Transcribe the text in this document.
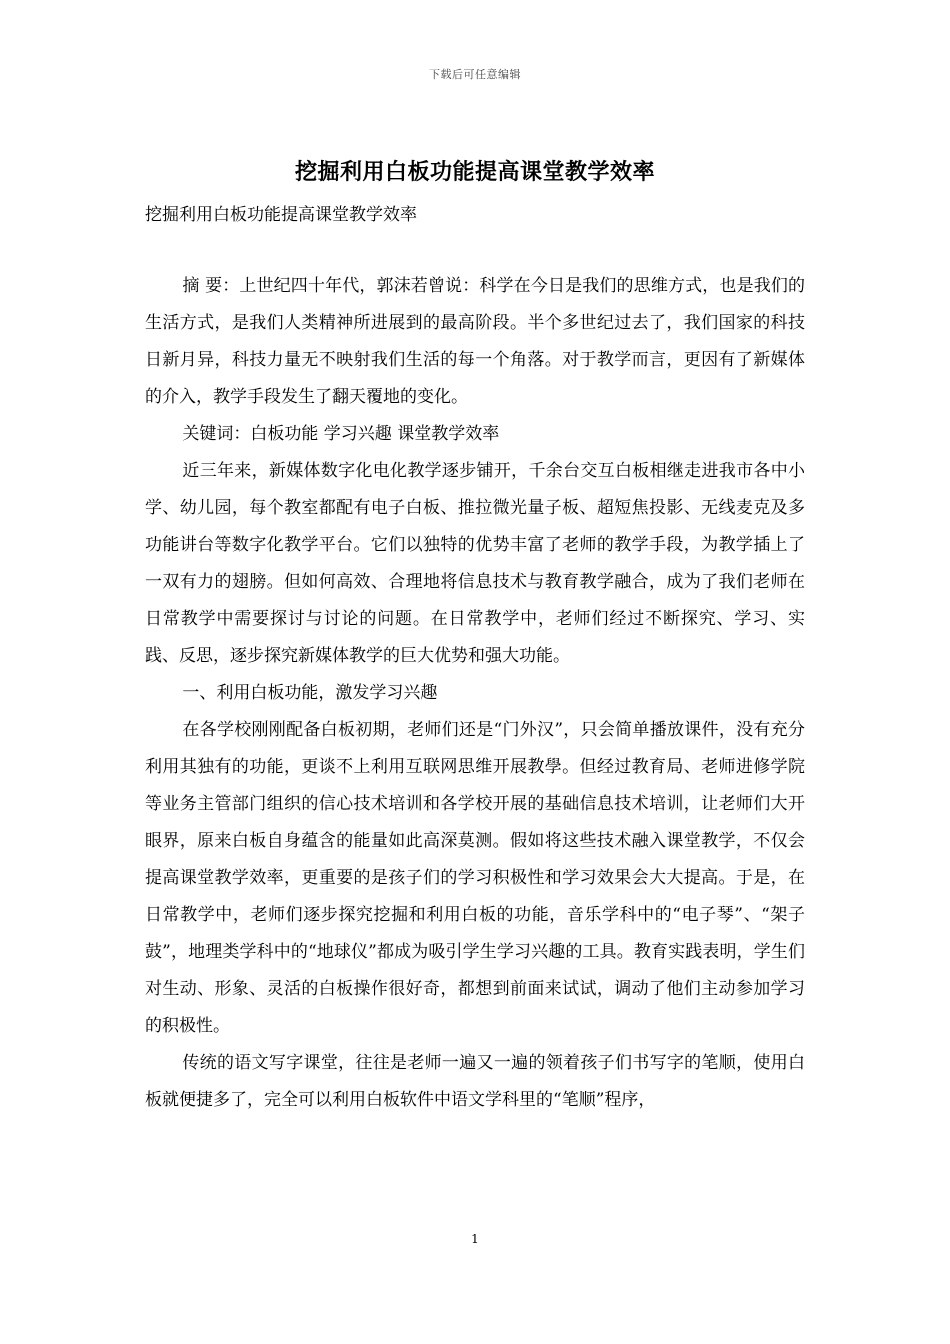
下载后可任意编辑
挖掘利用白板功能提高课堂教学效率
挖掘利用白板功能提高课堂教学效率

摘 要：上世纪四十年代，郭沫若曾说：科学在今日是我们的思维方式，也是我们的生活方式，是我们人类精神所进展到的最高阶段。半个多世纪过去了，我们国家的科技日新月异，科技力量无不映射我们生活的每一个角落。对于教学而言，更因有了新媒体的介入，教学手段发生了翻天覆地的变化。

关键词：白板功能 学习兴趣 课堂教学效率

近三年来，新媒体数字化电化教学逐步铺开，千余台交互白板相继走进我市各中小学、幼儿园，每个教室都配有电子白板、推拉微光量子板、超短焦投影、无线麦克及多功能讲台等数字化教学平台。它们以独特的优势丰富了老师的教学手段，为教学插上了一双有力的翅膀。但如何高效、合理地将信息技术与教育教学融合，成为了我们老师在日常教学中需要探讨与讨论的问题。在日常教学中，老师们经过不断探究、学习、实践、反思，逐步探究新媒体教学的巨大优势和强大功能。

一、利用白板功能，激发学习兴趣

在各学校刚刚配备白板初期，老师们还是“门外汉”，只会简单播放课件，没有充分利用其独有的功能，更谈不上利用互联网思维开展教學。但经过教育局、老师进修学院等业务主管部门组织的信心技术培训和各学校开展的基础信息技术培训，让老师们大开眼界，原来白板自身蕴含的能量如此高深莫测。假如将这些技术融入课堂教学，不仅会提高课堂教学效率，更重要的是孩子们的学习积极性和学习效果会大大提高。于是，在日常教学中，老师们逐步探究挖掘和利用白板的功能，音乐学科中的“电子琴”、“架子鼓”，地理类学科中的“地球仪”都成为吸引学生学习兴趣的工具。教育实践表明，学生们对生动、形象、灵活的白板操作很好奇，都想到前面来试试，调动了他们主动参加学习的积极性。

传统的语文写字课堂，往往是老师一遍又一遍的领着孩子们书写字的笔顺，使用白板就便捷多了，完全可以利用白板软件中语文学科里的“笔顺”程序，

1
